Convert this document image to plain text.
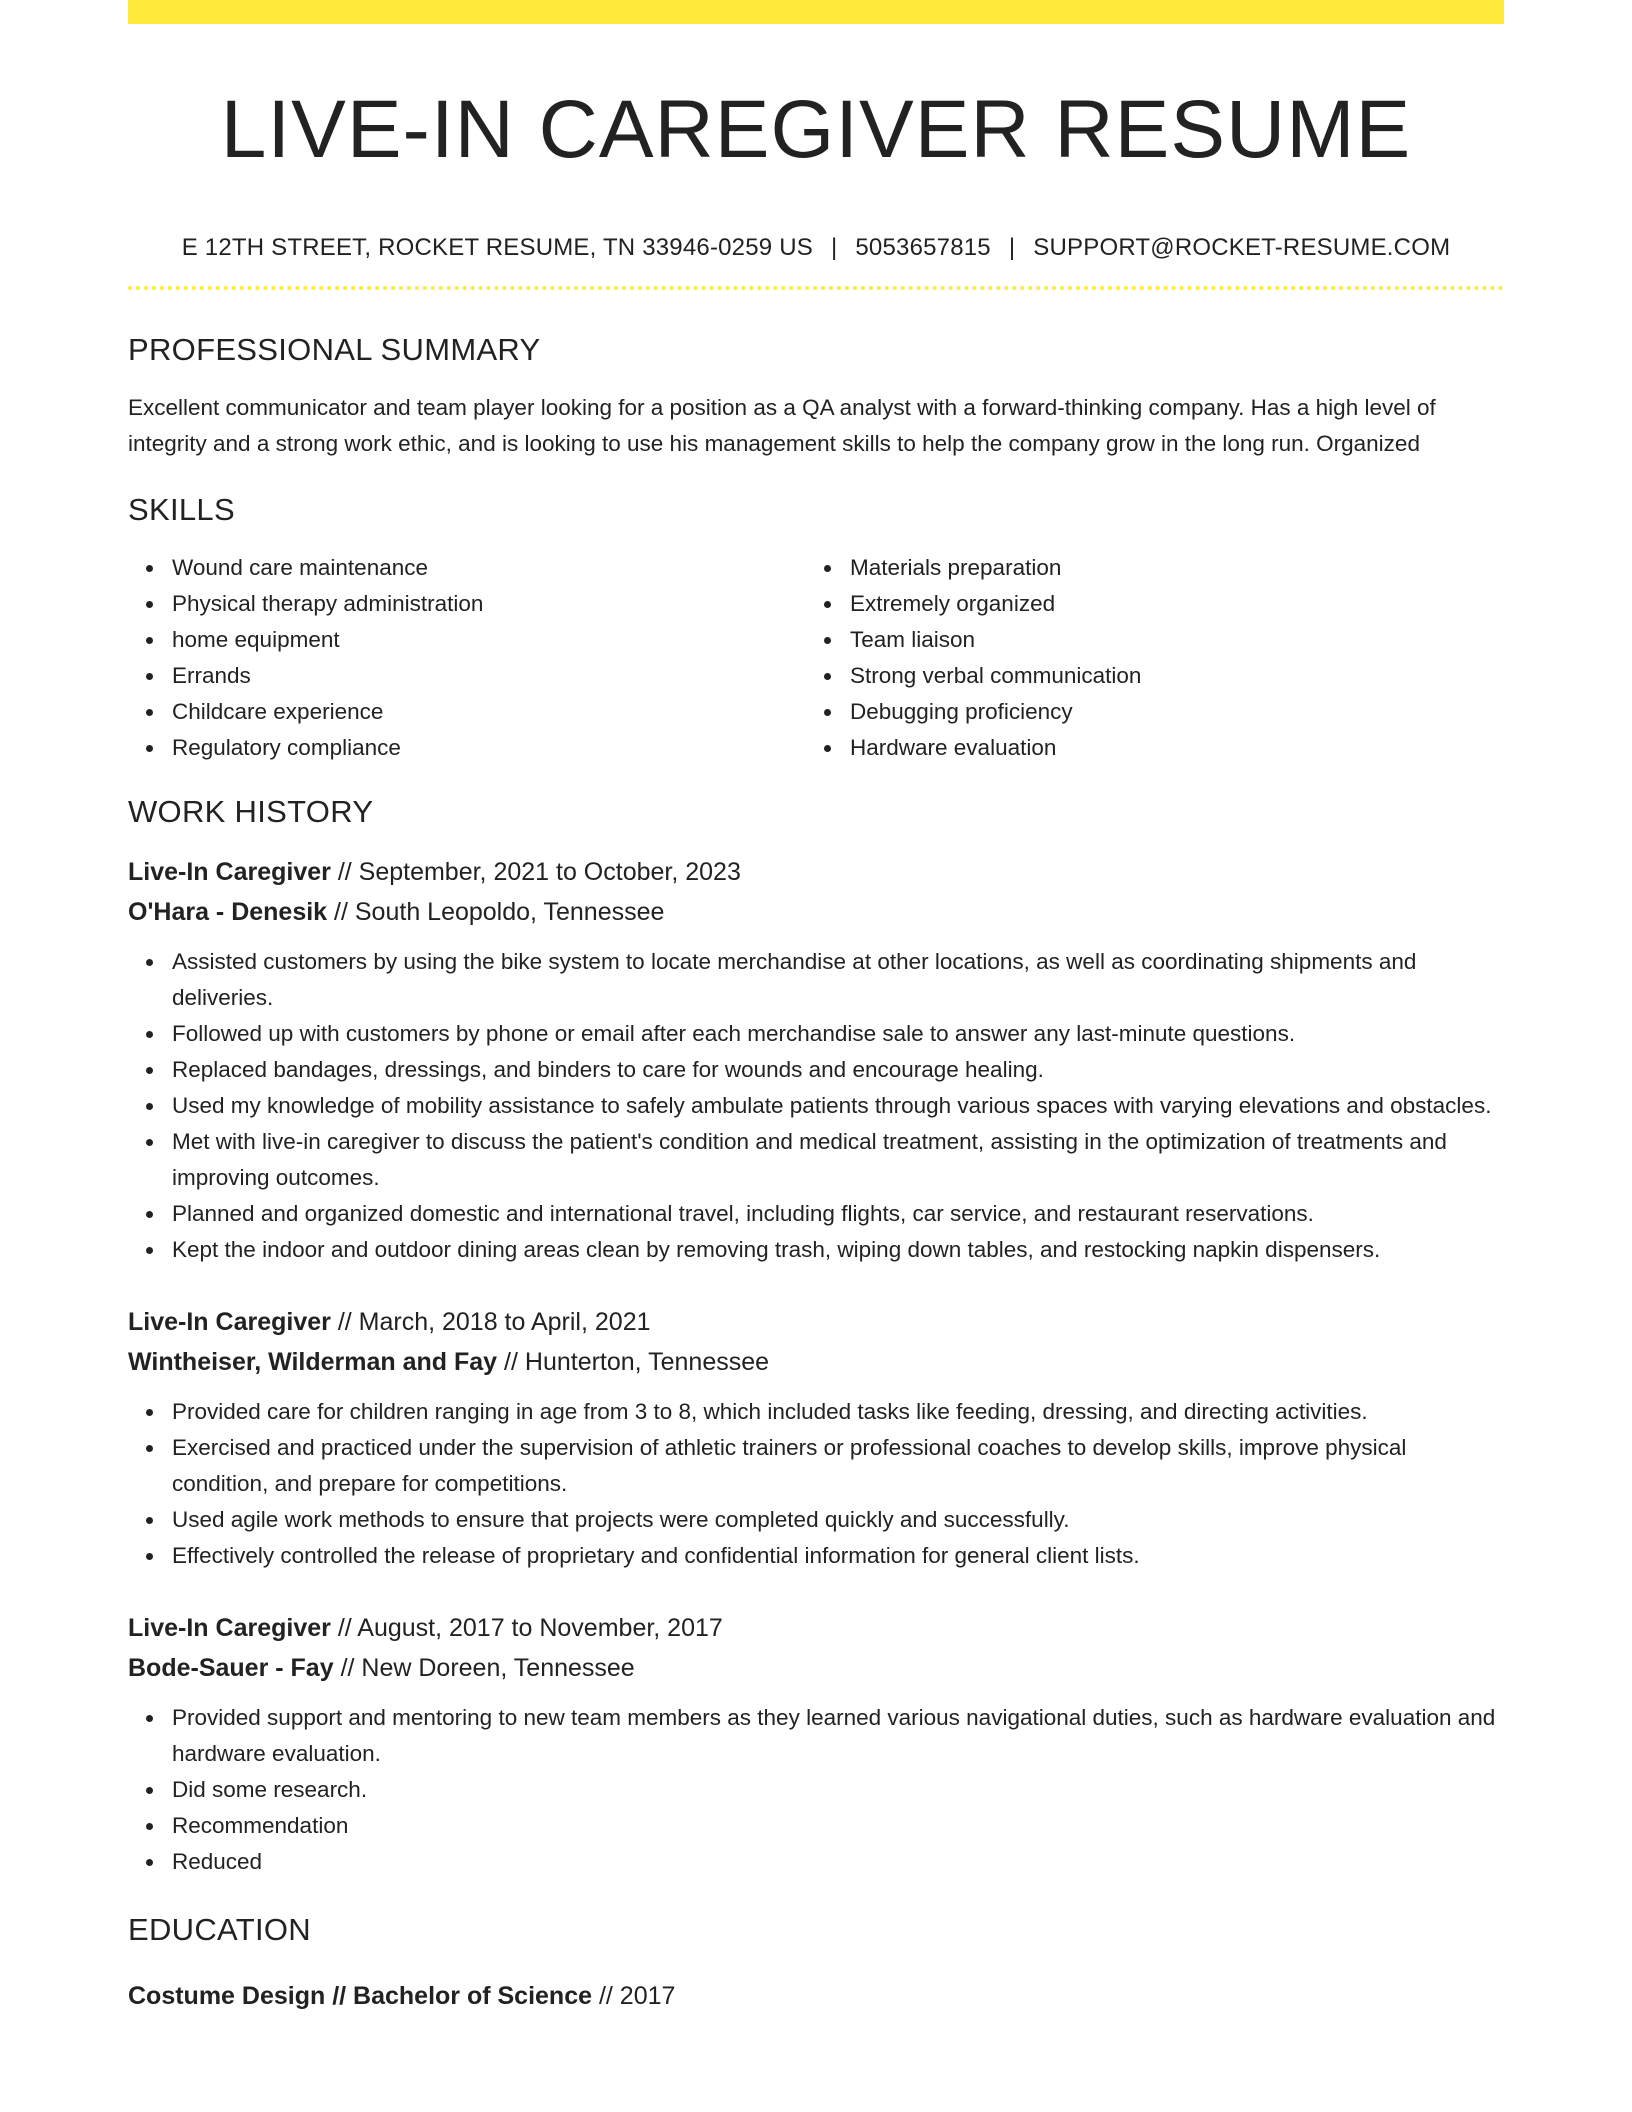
LIVE-IN CAREGIVER RESUME
E 12TH STREET, ROCKET RESUME, TN 33946-0259 US | 5053657815 | SUPPORT@ROCKET-RESUME.COM
PROFESSIONAL SUMMARY

Excellent communicator and team player looking for a position as a QA analyst with a forward-thinking company. Has a high level of integrity and a strong work ethic, and is looking to use his management skills to help the company grow in the long run. Organized

SKILLS
Wound care maintenance
Physical therapy administration
home equipment
Errands
Childcare experience
Regulatory compliance
Materials preparation
Extremely organized
Team liaison
Strong verbal communication
Debugging proficiency
Hardware evaluation
WORK HISTORY
Live-In Caregiver // September, 2021 to October, 2023
O'Hara - Denesik // South Leopoldo, Tennessee
Assisted customers by using the bike system to locate merchandise at other locations, as well as coordinating shipments and deliveries.
Followed up with customers by phone or email after each merchandise sale to answer any last-minute questions.
Replaced bandages, dressings, and binders to care for wounds and encourage healing.
Used my knowledge of mobility assistance to safely ambulate patients through various spaces with varying elevations and obstacles.
Met with live-in caregiver to discuss the patient's condition and medical treatment, assisting in the optimization of treatments and improving outcomes.
Planned and organized domestic and international travel, including flights, car service, and restaurant reservations.
Kept the indoor and outdoor dining areas clean by removing trash, wiping down tables, and restocking napkin dispensers.
Live-In Caregiver // March, 2018 to April, 2021
Wintheiser, Wilderman and Fay // Hunterton, Tennessee
Provided care for children ranging in age from 3 to 8, which included tasks like feeding, dressing, and directing activities.
Exercised and practiced under the supervision of athletic trainers or professional coaches to develop skills, improve physical condition, and prepare for competitions.
Used agile work methods to ensure that projects were completed quickly and successfully.
Effectively controlled the release of proprietary and confidential information for general client lists.
Live-In Caregiver // August, 2017 to November, 2017
Bode-Sauer - Fay // New Doreen, Tennessee
Provided support and mentoring to new team members as they learned various navigational duties, such as hardware evaluation and hardware evaluation.
Did some research.
Recommendation
Reduced
EDUCATION
Costume Design // Bachelor of Science // 2017
